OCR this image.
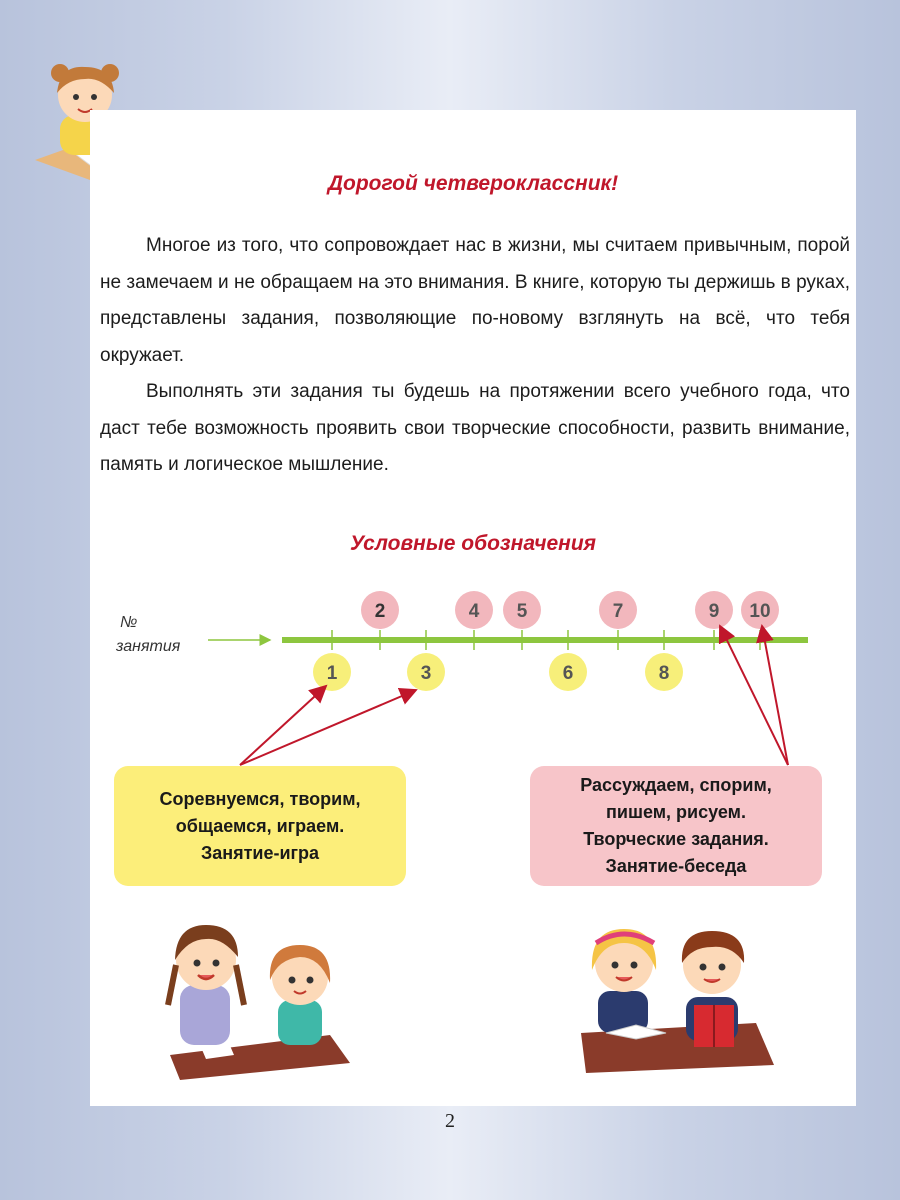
Дорогой четвероклассник!

Многое из того, что сопровождает нас в жизни, мы считаем привычным, порой не замечаем и не обращаем на это внимания. В книге, которую ты держишь в руках, представлены задания, позволяющие по-новому взглянуть на всё, что тебя окружает.

Выполнять эти задания ты будешь на протяжении всего учебного года, что даст тебе возможность проявить свои творческие способности, развить внимание, память и логическое мышление.

Условные обозначения
№
занятия
2	4 5	7	9 10
1	3	6	8
Соревнуемся, творим,
общаемся, играем.
Занятие-игра
Рассуждаем, спорим,
пишем, рисуем.
Творческие задания.
Занятие-беседа
2
